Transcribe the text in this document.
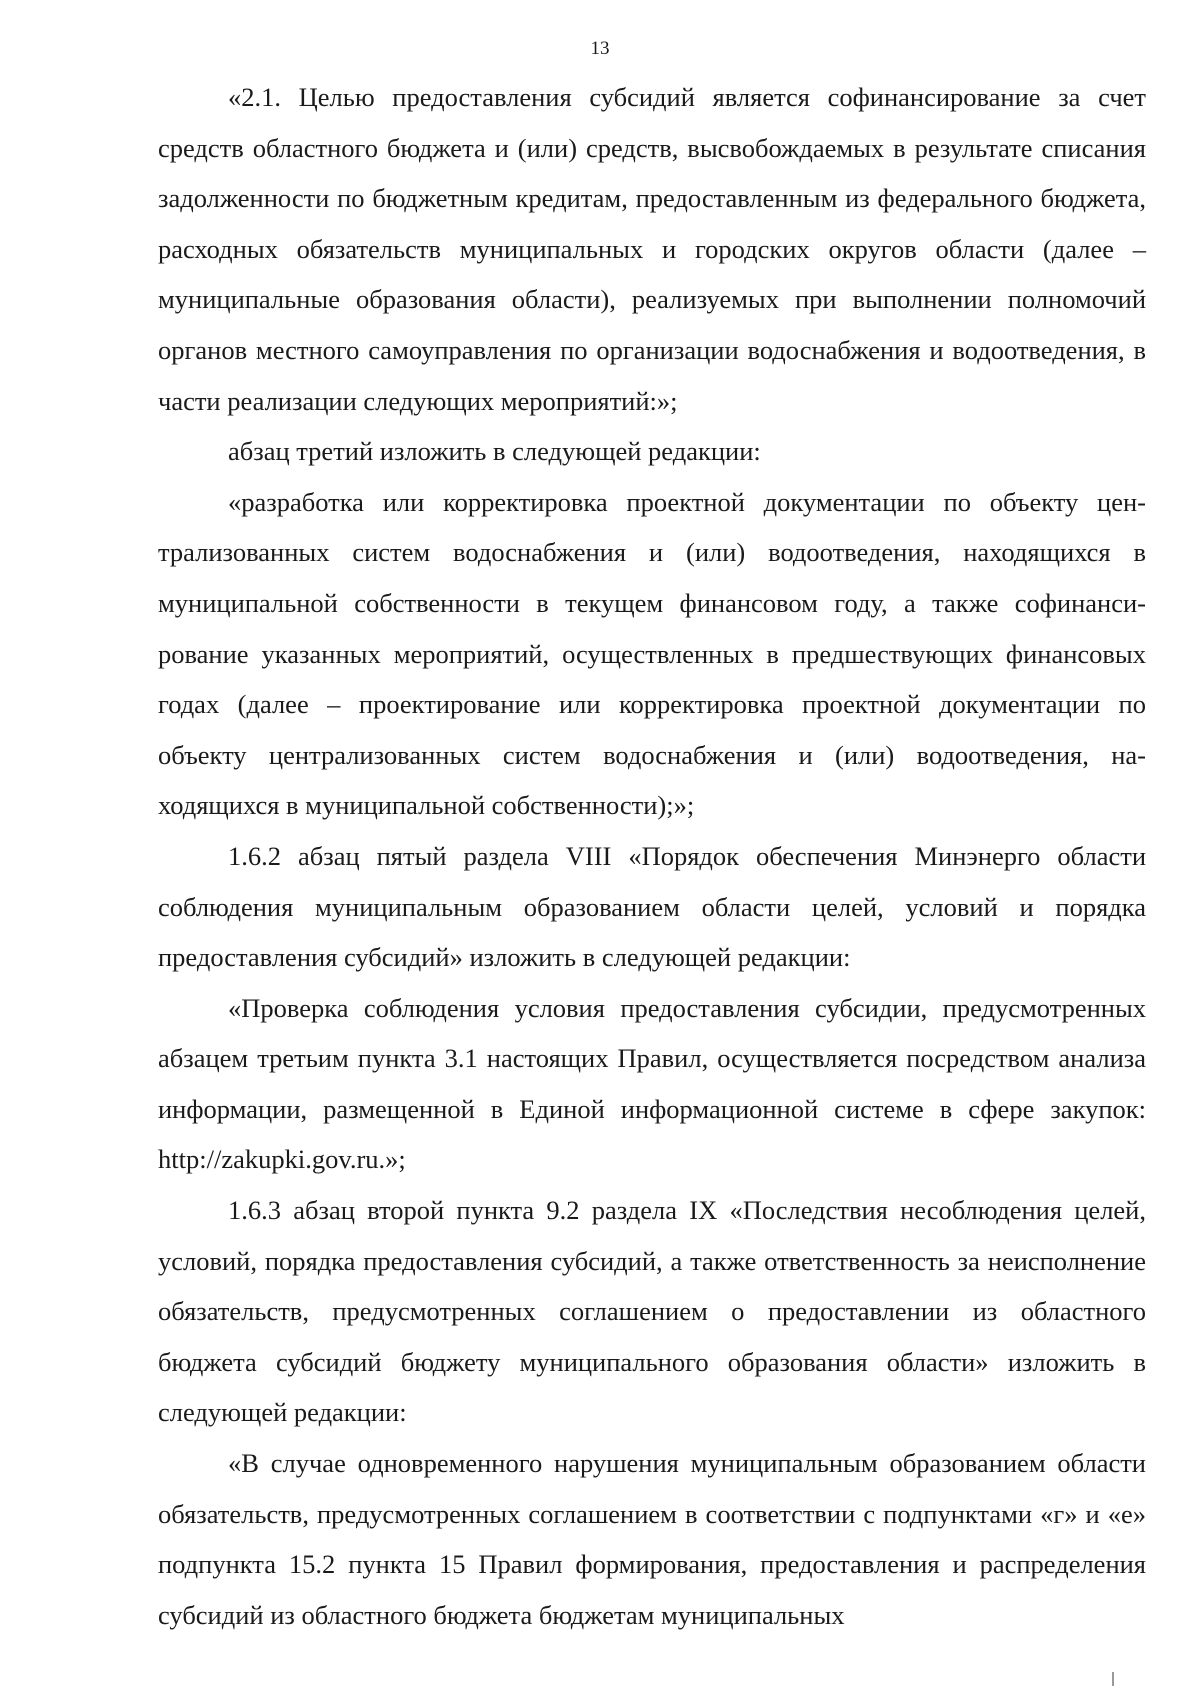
13

«2.1. Целью предоставления субсидий является софинансирование за счет средств областного бюджета и (или) средств, высвобождаемых в результате списания задолженности по бюджетным кредитам, предоставленным из федерального бюджета, расходных обязательств муниципальных и городских округов области (далее – муниципальные образования области), реализуемых при выполнении полномочий органов местного самоуправления по организации водоснабжения и водоотведения, в части реализации следующих мероприятий:»;

абзац третий изложить в следующей редакции:

«разработка или корректировка проектной документации по объекту централизованных систем водоснабжения и (или) водоотведения, находящихся в муниципальной собственности в текущем финансовом году, а также софинансирование указанных мероприятий, осуществленных в предшествующих финансовых годах (далее – проектирование или корректировка проектной документации по объекту централизованных систем водоснабжения и (или) водоотведения, находящихся в муниципальной собственности);»;

1.6.2 абзац пятый раздела VIII «Порядок обеспечения Минэнерго области соблюдения муниципальным образованием области целей, условий и порядка предоставления субсидий» изложить в следующей редакции:

«Проверка соблюдения условия предоставления субсидии, предусмотренных абзацем третьим пункта 3.1 настоящих Правил, осуществляется посредством анализа информации, размещенной в Единой информационной системе в сфере закупок: http://zakupki.gov.ru.»;

1.6.3 абзац второй пункта 9.2 раздела IX «Последствия несоблюдения целей, условий, порядка предоставления субсидий, а также ответственность за неисполнение обязательств, предусмотренных соглашением о предоставлении из областного бюджета субсидий бюджету муниципального образования области» изложить в следующей редакции:

«В случае одновременного нарушения муниципальным образованием области обязательств, предусмотренных соглашением в соответствии с подпунктами «г» и «е» подпункта 15.2 пункта 15 Правил формирования, предоставления и распределения субсидий из областного бюджета бюджетам муниципальных
